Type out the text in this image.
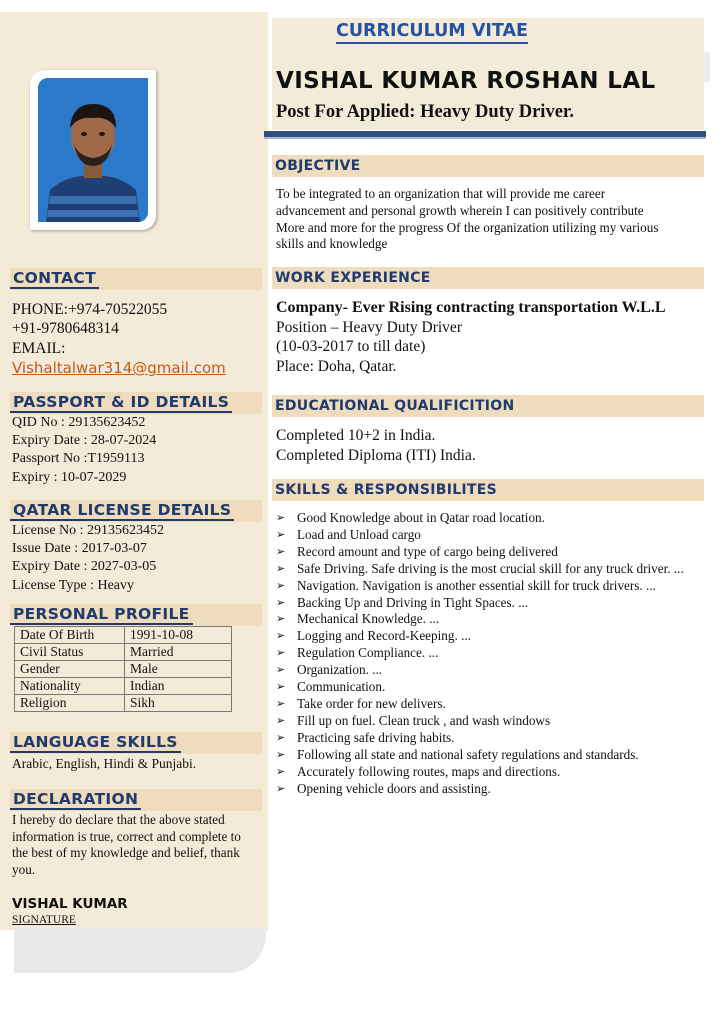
CONTACT
PHONE:+974-70522055
+91-9780648314
EMAIL:
Vishaltalwar314@gmail.com
PASSPORT & ID DETAILS
QID No : 29135623452
Expiry Date : 28-07-2024
Passport No :T1959113
Expiry : 10-07-2029
QATAR LICENSE DETAILS
License No : 29135623452
Issue Date : 2017-03-07
Expiry Date : 2027-03-05
License Type : Heavy
PERSONAL PROFILE
Date Of Birth	1991-10-08
Civil Status	Married
Gender	Male
Nationality	Indian
Religion	Sikh
LANGUAGE SKILLS
Arabic, English, Hindi & Punjabi.
DECLARATION
I hereby do declare that the above stated information is true, correct and complete to the best of my knowledge and belief, thank you.
VISHAL KUMAR
SIGNATURE
CURRICULUM VITAE
VISHAL KUMAR ROSHAN LAL
Post For Applied: Heavy Duty Driver.
OBJECTIVE
To be integrated to an organization that will provide me career
advancement and personal growth wherein I can positively contribute
More and more for the progress Of the organization utilizing my various
skills and knowledge
WORK EXPERIENCE
Company- Ever Rising contracting transportation W.L.L
Position – Heavy Duty Driver
(10-03-2017 to till date)
Place: Doha, Qatar.
EDUCATIONAL QUALIFICITION
Completed 10+2 in India.
Completed Diploma (ITI) India.
SKILLS & RESPONSIBILITES
➢ Good Knowledge about in Qatar road location.
➢ Load and Unload cargo
➢ Record amount and type of cargo being delivered
➢ Safe Driving. Safe driving is the most crucial skill for any truck driver. ...
➢ Navigation. Navigation is another essential skill for truck drivers. ...
➢ Backing Up and Driving in Tight Spaces. ...
➢ Mechanical Knowledge. ...
➢ Logging and Record-Keeping. ...
➢ Regulation Compliance. ...
➢ Organization. ...
➢ Communication.
➢ Take order for new delivers.
➢ Fill up on fuel. Clean truck , and wash windows
➢ Practicing safe driving habits.
➢ Following all state and national safety regulations and standards.
➢ Accurately following routes, maps and directions.
➢ Opening vehicle doors and assisting.
